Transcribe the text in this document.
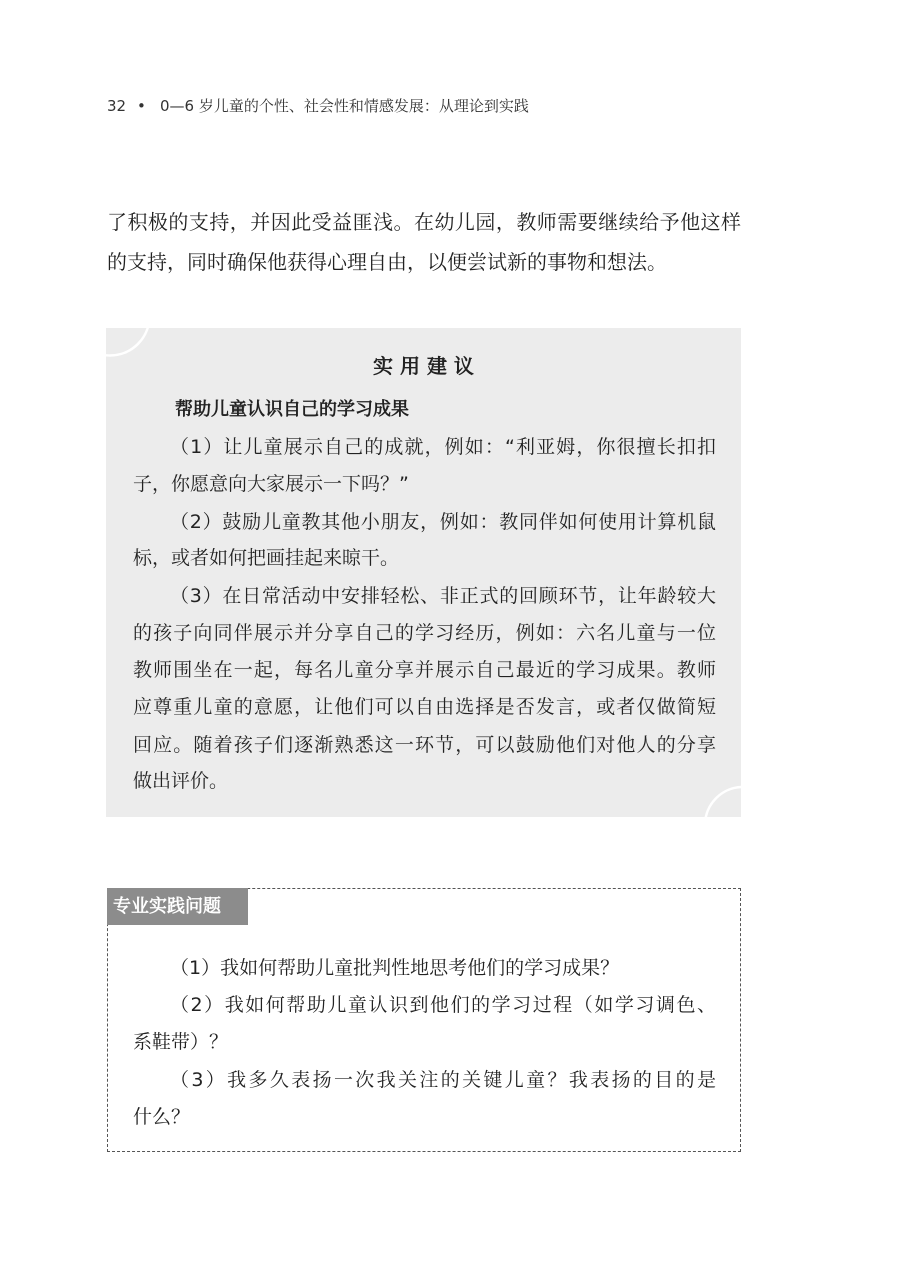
32 • 0—6 岁儿童的个性、社会性和情感发展：从理论到实践
了积极的支持，并因此受益匪浅。在幼儿园，教师需要继续给予他这样
的支持，同时确保他获得心理自由，以便尝试新的事物和想法。
实 用 建 议
帮助儿童认识自己的学习成果
（1）让儿童展示自己的成就，例如：“利亚姆，你很擅长扣扣
子，你愿意向大家展示一下吗？”
（2）鼓励儿童教其他小朋友，例如：教同伴如何使用计算机鼠
标，或者如何把画挂起来晾干。
（3）在日常活动中安排轻松、非正式的回顾环节，让年龄较大
的孩子向同伴展示并分享自己的学习经历，例如：六名儿童与一位
教师围坐在一起，每名儿童分享并展示自己最近的学习成果。教师
应尊重儿童的意愿，让他们可以自由选择是否发言，或者仅做简短
回应。随着孩子们逐渐熟悉这一环节，可以鼓励他们对他人的分享
做出评价。
专业实践问题
（1）我如何帮助儿童批判性地思考他们的学习成果？
（2）我如何帮助儿童认识到他们的学习过程（如学习调色、
系鞋带）？
（3）我多久表扬一次我关注的关键儿童？我表扬的目的是
什么？
